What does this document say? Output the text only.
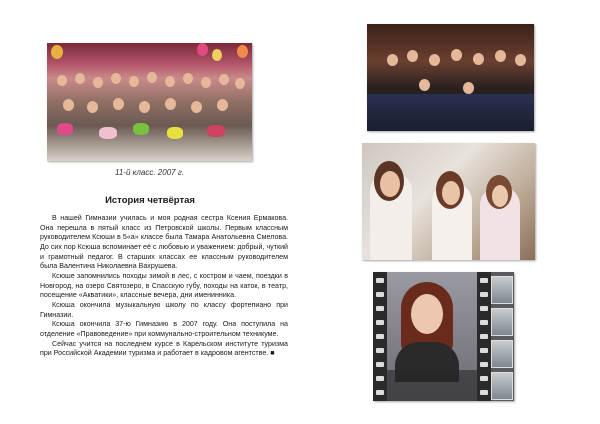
11-й класс. 2007 г.
История четвёртая

В нашей Гимназии училась и моя родная сестра Ксения Ермакова. Она перешла в пятый класс из Петровской школы. Первым классным руководителем Ксюши в 5«а» классе была Тамара Анатольевна Смелова. До сих пор Ксюша вспоминает её с любовью и уважением: добрый, чуткий и грамотный педагог. В старших классах ее классным руководителем была Валентина Николаевна Вахрушева.

Ксюше запомнились походы зимой в лес, с костром и чаем, поездки в Новгород, на озеро Святозеро, в Спасскую губу, походы на каток, в театр, посещение «Акватики», классные вечера, дни именинника.

Ксюша окончила музыкальную школу по классу фортепиано при Гимназии.

Ксюша окончила 37-ю Гимназию в 2007 году. Она поступила на отделение «Правоведение» при коммунально-строительном техникуме.

Сейчас учится на последнем курсе в Карельском институте туризма при Российской Академии туризма и работает в кадровом агентстве. ■
